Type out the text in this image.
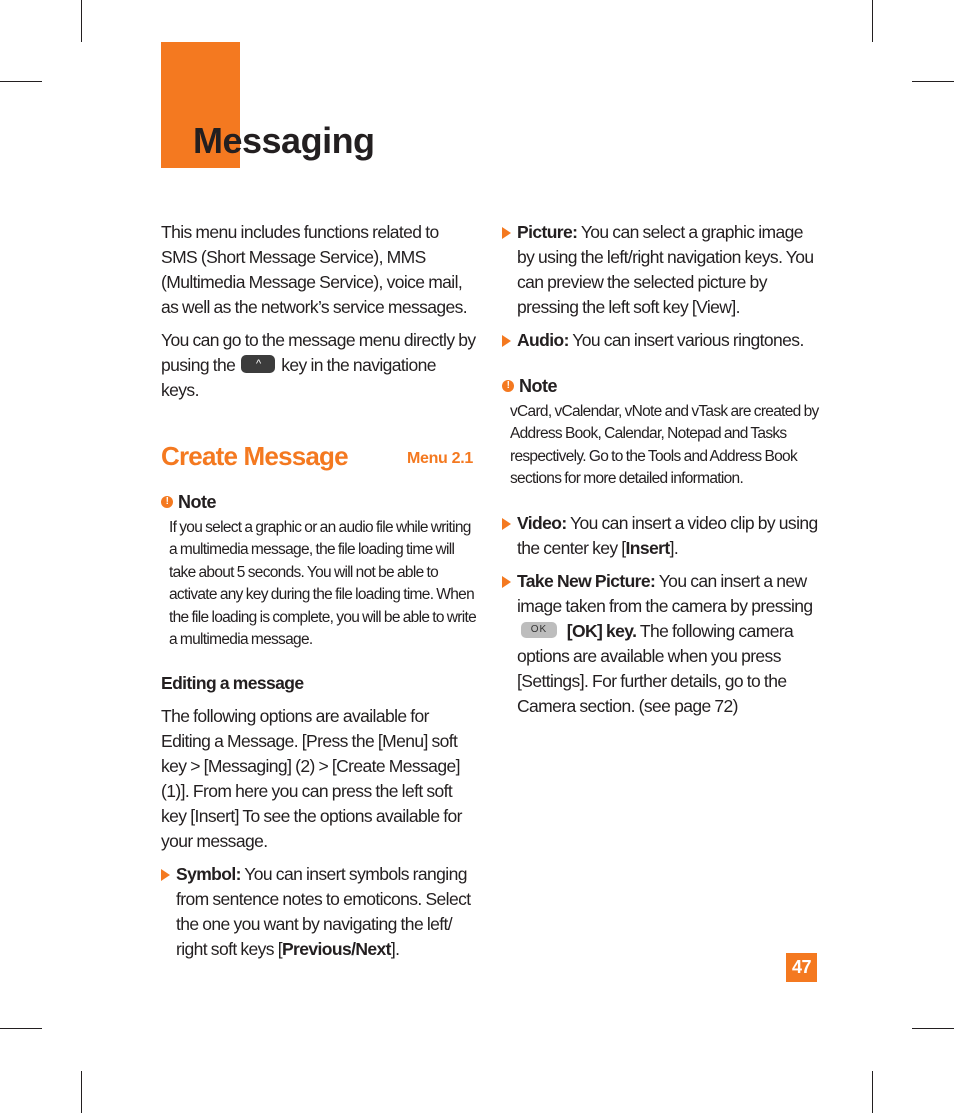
Messaging

This menu includes functions related to SMS (Short Message Service), MMS (Multimedia Message Service), voice mail, as well as the network’s service messages.

You can go to the message menu directly by pusing the ^ key in the navigatione keys.

Create Message	Menu 2.1
! Note

If you select a graphic or an audio file while writing a multimedia message, the file loading time will take about 5 seconds. You will not be able to activate any key during the file loading time. When the file loading is complete, you will be able to write a multimedia message.

Editing a message

The following options are available for Editing a Message. [Press the [Menu] soft key > [Messaging] (2) > [Create Message] (1)]. From here you can press the left soft key [Insert] To see the options available for your message.

Symbol: You can insert symbols ranging from sentence notes to emoticons. Select the one you want by navigating the left/ right soft keys [Previous/Next].
Picture: You can select a graphic image by using the left/right navigation keys. You can preview the selected picture by pressing the left soft key [View].
Audio: You can insert various ringtones.
! Note

vCard, vCalendar, vNote and vTask are created by Address Book, Calendar, Notepad and Tasks respectively. Go to the Tools and Address Book sections for more detailed information.

Video: You can insert a video clip by using the center key [Insert].
Take New Picture: You can insert a new image taken from the camera by pressing OK [OK] key. The following camera options are available when you press [Settings]. For further details, go to the Camera section. (see page 72)
47
